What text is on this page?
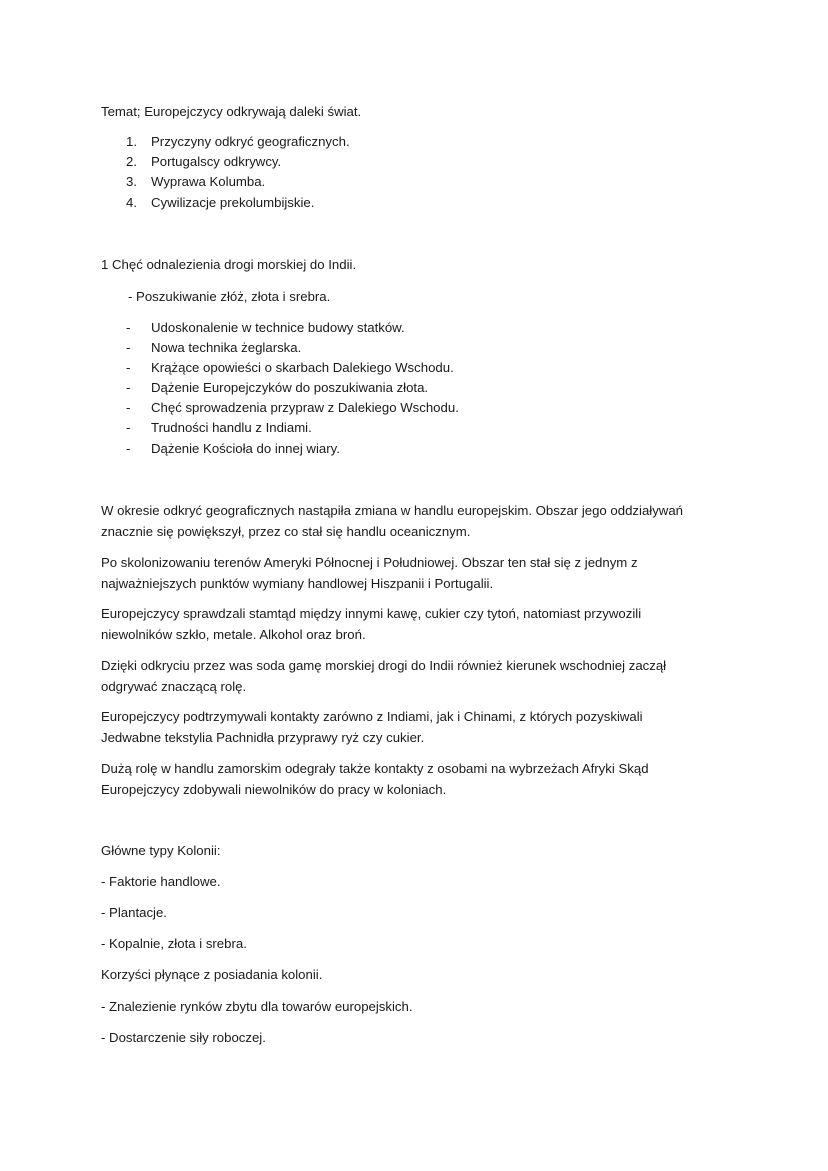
Temat; Europejczycy odkrywają daleki świat.
1. Przyczyny odkryć geograficznych.
2. Portugalscy odkrywcy.
3. Wyprawa Kolumba.
4. Cywilizacje prekolumbijskie.
1 Chęć odnalezienia drogi morskiej do Indii.
- Poszukiwanie złóż, złota i srebra.
- Udoskonalenie w technice budowy statków.
- Nowa technika żeglarska.
- Krążące opowieści o skarbach Dalekiego Wschodu.
- Dążenie Europejczyków do poszukiwania złota.
- Chęć sprowadzenia przypraw z Dalekiego Wschodu.
- Trudności handlu z Indiami.
- Dążenie Kościoła do innej wiary.
W okresie odkryć geograficznych nastąpiła zmiana w handlu europejskim. Obszar jego oddziaływań
znacznie się powiększył, przez co stał się handlu oceanicznym.
Po skolonizowaniu terenów Ameryki Północnej i Południowej. Obszar ten stał się z jednym z
najważniejszych punktów wymiany handlowej Hiszpanii i Portugalii.
Europejczycy sprawdzali stamtąd między innymi kawę, cukier czy tytoń, natomiast przywozili
niewolników szkło, metale. Alkohol oraz broń.
Dzięki odkryciu przez was soda gamę morskiej drogi do Indii również kierunek wschodniej zaczął
odgrywać znaczącą rolę.
Europejczycy podtrzymywali kontakty zarówno z Indiami, jak i Chinami, z których pozyskiwali
Jedwabne tekstylia Pachnidła przyprawy ryż czy cukier.
Dużą rolę w handlu zamorskim odegrały także kontakty z osobami na wybrzeżach Afryki Skąd
Europejczycy zdobywali niewolników do pracy w koloniach.
Główne typy Kolonii:
- Faktorie handlowe.
- Plantacje.
- Kopalnie, złota i srebra.
Korzyści płynące z posiadania kolonii.
- Znalezienie rynków zbytu dla towarów europejskich.
- Dostarczenie siły roboczej.
